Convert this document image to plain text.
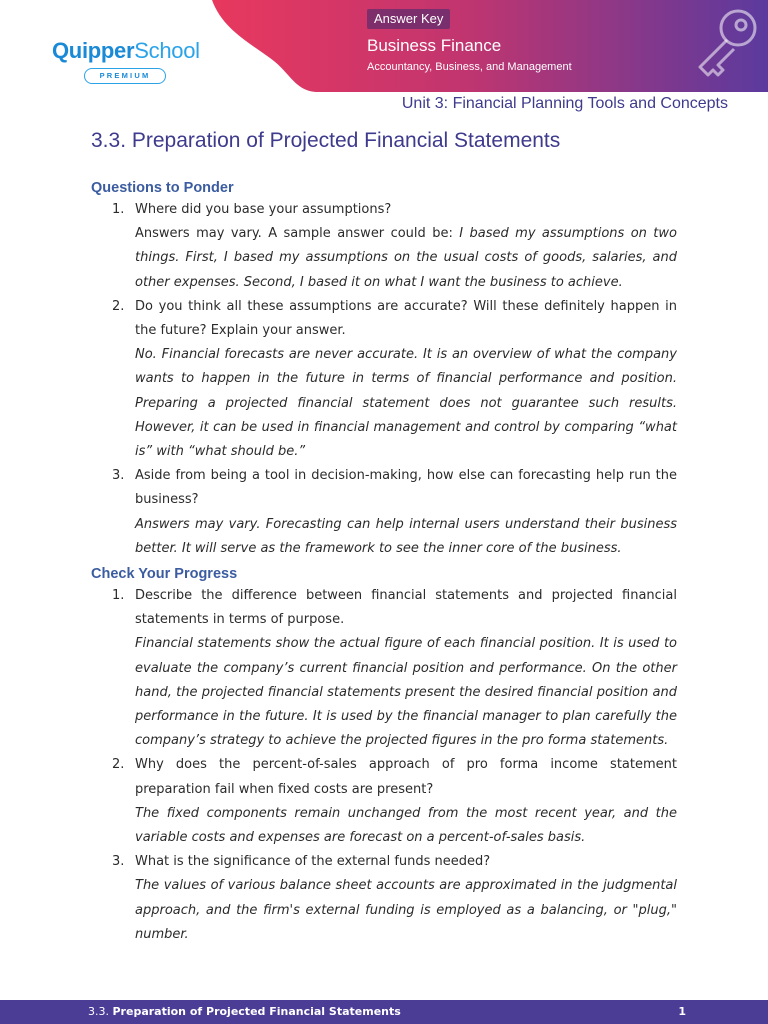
QuipperSchool
PREMIUM
Answer Key
Business Finance
Accountancy, Business, and Management
Unit 3: Financial Planning Tools and Concepts
3.3. Preparation of Projected Financial Statements
Questions to Ponder
1. Where did you base your assumptions?
Answers may vary. A sample answer could be: I based my assumptions on two things. First, I based my assumptions on the usual costs of goods, salaries, and other expenses. Second, I based it on what I want the business to achieve.
2. Do you think all these assumptions are accurate? Will these definitely happen in the future? Explain your answer.
No. Financial forecasts are never accurate. It is an overview of what the company wants to happen in the future in terms of financial performance and position. Preparing a projected financial statement does not guarantee such results. However, it can be used in financial management and control by comparing “what is” with “what should be.”
3. Aside from being a tool in decision-making, how else can forecasting help run the business?
Answers may vary. Forecasting can help internal users understand their business better. It will serve as the framework to see the inner core of the business.
Check Your Progress
1. Describe the difference between financial statements and projected financial statements in terms of purpose.
Financial statements show the actual figure of each financial position. It is used to evaluate the company’s current financial position and performance. On the other hand, the projected financial statements present the desired financial position and performance in the future. It is used by the financial manager to plan carefully the company’s strategy to achieve the projected figures in the pro forma statements.
2. Why does the percent-of-sales approach of pro forma income statement preparation fail when fixed costs are present?
The fixed components remain unchanged from the most recent year, and the variable costs and expenses are forecast on a percent-of-sales basis.
3. What is the significance of the external funds needed?
The values of various balance sheet accounts are approximated in the judgmental approach, and the firm's external funding is employed as a balancing, or "plug," number.
3.3. Preparation of Projected Financial Statements	1
